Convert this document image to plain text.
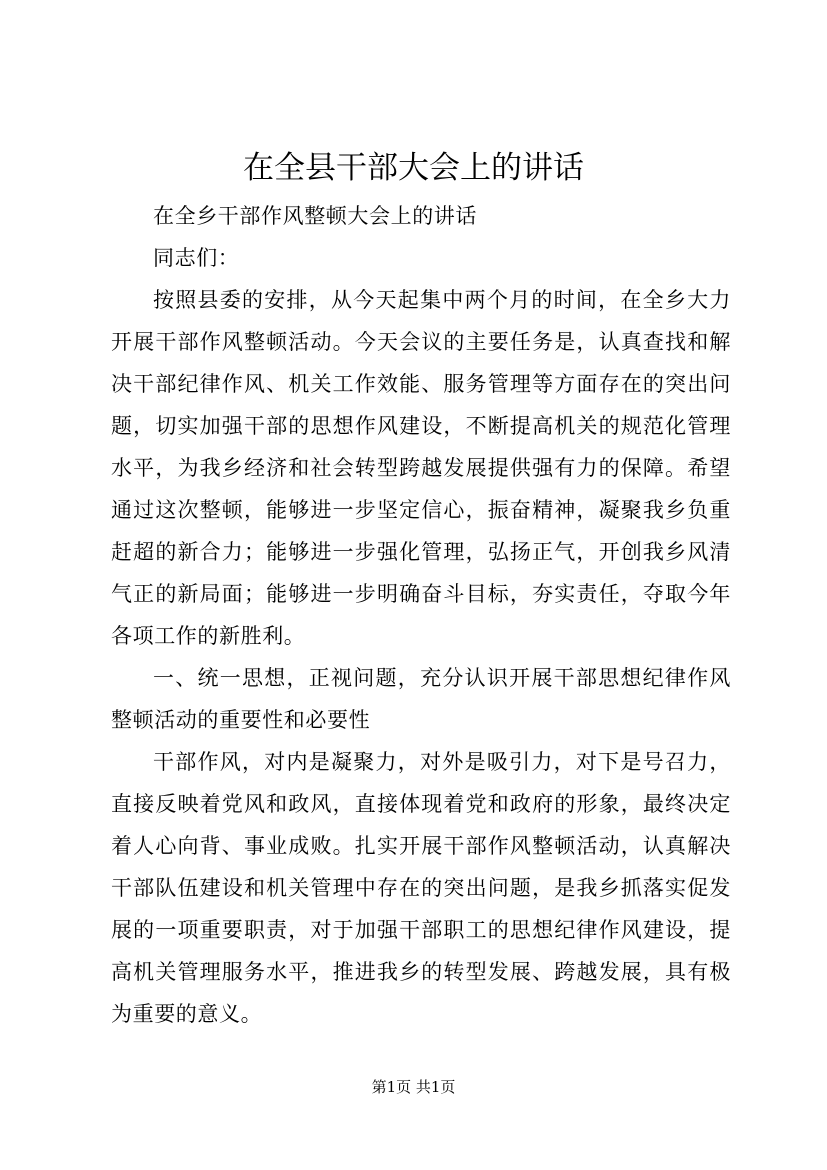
在全县干部大会上的讲话

在全乡干部作风整顿大会上的讲话

同志们：

按照县委的安排，从今天起集中两个月的时间，在全乡大力开展干部作风整顿活动。今天会议的主要任务是，认真查找和解决干部纪律作风、机关工作效能、服务管理等方面存在的突出问题，切实加强干部的思想作风建设，不断提高机关的规范化管理水平，为我乡经济和社会转型跨越发展提供强有力的保障。希望通过这次整顿，能够进一步坚定信心，振奋精神，凝聚我乡负重赶超的新合力；能够进一步强化管理，弘扬正气，开创我乡风清气正的新局面；能够进一步明确奋斗目标，夯实责任，夺取今年各项工作的新胜利。

一、统一思想，正视问题，充分认识开展干部思想纪律作风整顿活动的重要性和必要性

干部作风，对内是凝聚力，对外是吸引力，对下是号召力，直接反映着党风和政风，直接体现着党和政府的形象，最终决定着人心向背、事业成败。扎实开展干部作风整顿活动，认真解决干部队伍建设和机关管理中存在的突出问题，是我乡抓落实促发展的一项重要职责，对于加强干部职工的思想纪律作风建设，提高机关管理服务水平，推进我乡的转型发展、跨越发展，具有极为重要的意义。

第1页 共1页
